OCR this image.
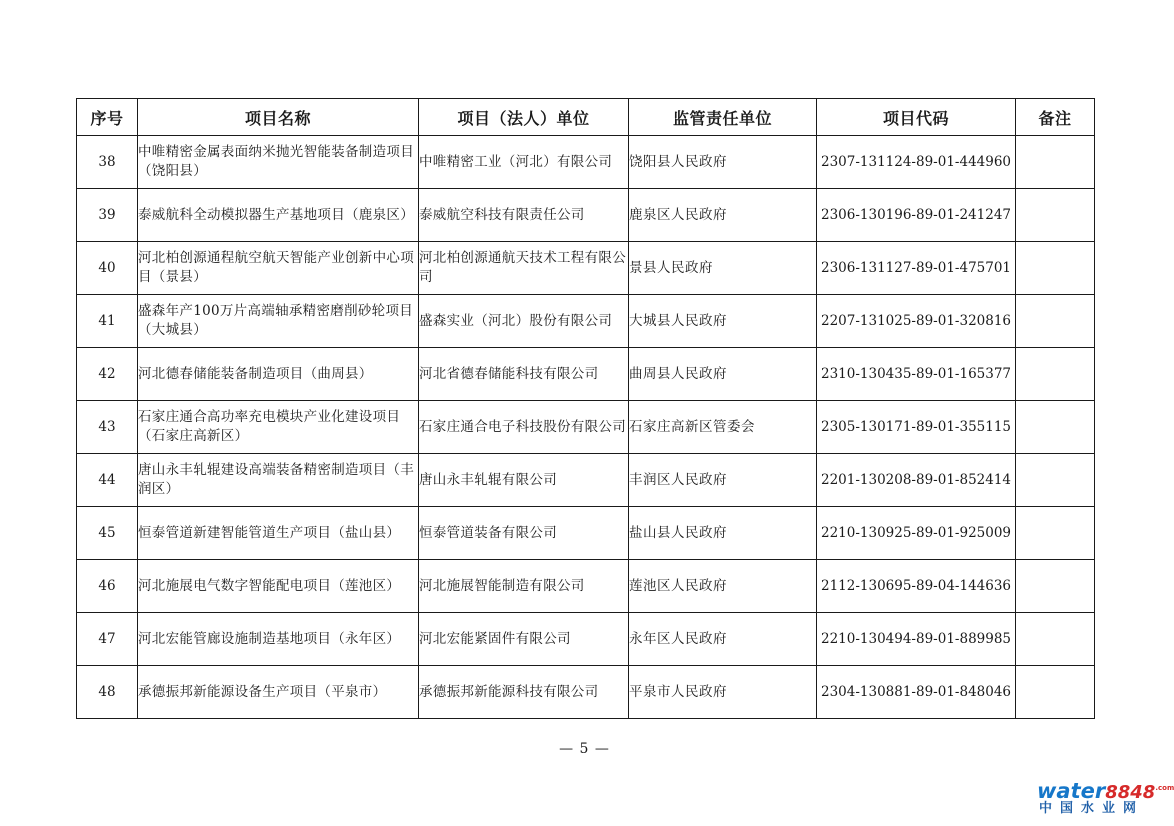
序号	项目名称	项目（法人）单位	监管责任单位	项目代码	备注
38	中唯精密金属表面纳米抛光智能装备制造项目（饶阳县）	中唯精密工业（河北）有限公司	饶阳县人民政府	2307-131124-89-01-444960	
39	泰威航科全动模拟器生产基地项目（鹿泉区）	泰威航空科技有限责任公司	鹿泉区人民政府	2306-130196-89-01-241247	
40	河北柏创源通程航空航天智能产业创新中心项目（景县）	河北柏创源通航天技术工程有限公司	景县人民政府	2306-131127-89-01-475701	
41	盛森年产100万片高端轴承精密磨削砂轮项目（大城县）	盛森实业（河北）股份有限公司	大城县人民政府	2207-131025-89-01-320816	
42	河北德春储能装备制造项目（曲周县）	河北省德春储能科技有限公司	曲周县人民政府	2310-130435-89-01-165377	
43	石家庄通合高功率充电模块产业化建设项目（石家庄高新区）	石家庄通合电子科技股份有限公司	石家庄高新区管委会	2305-130171-89-01-355115	
44	唐山永丰轧辊建设高端装备精密制造项目（丰润区）	唐山永丰轧辊有限公司	丰润区人民政府	2201-130208-89-01-852414	
45	恒泰管道新建智能管道生产项目（盐山县）	恒泰管道装备有限公司	盐山县人民政府	2210-130925-89-01-925009	
46	河北施展电气数字智能配电项目（莲池区）	河北施展智能制造有限公司	莲池区人民政府	2112-130695-89-04-144636	
47	河北宏能管廊设施制造基地项目（永年区）	河北宏能紧固件有限公司	永年区人民政府	2210-130494-89-01-889985	
48	承德振邦新能源设备生产项目（平泉市）	承德振邦新能源科技有限公司	平泉市人民政府	2304-130881-89-01-848046	
— 5 —
$water8848^{.com}$
中国水业网
